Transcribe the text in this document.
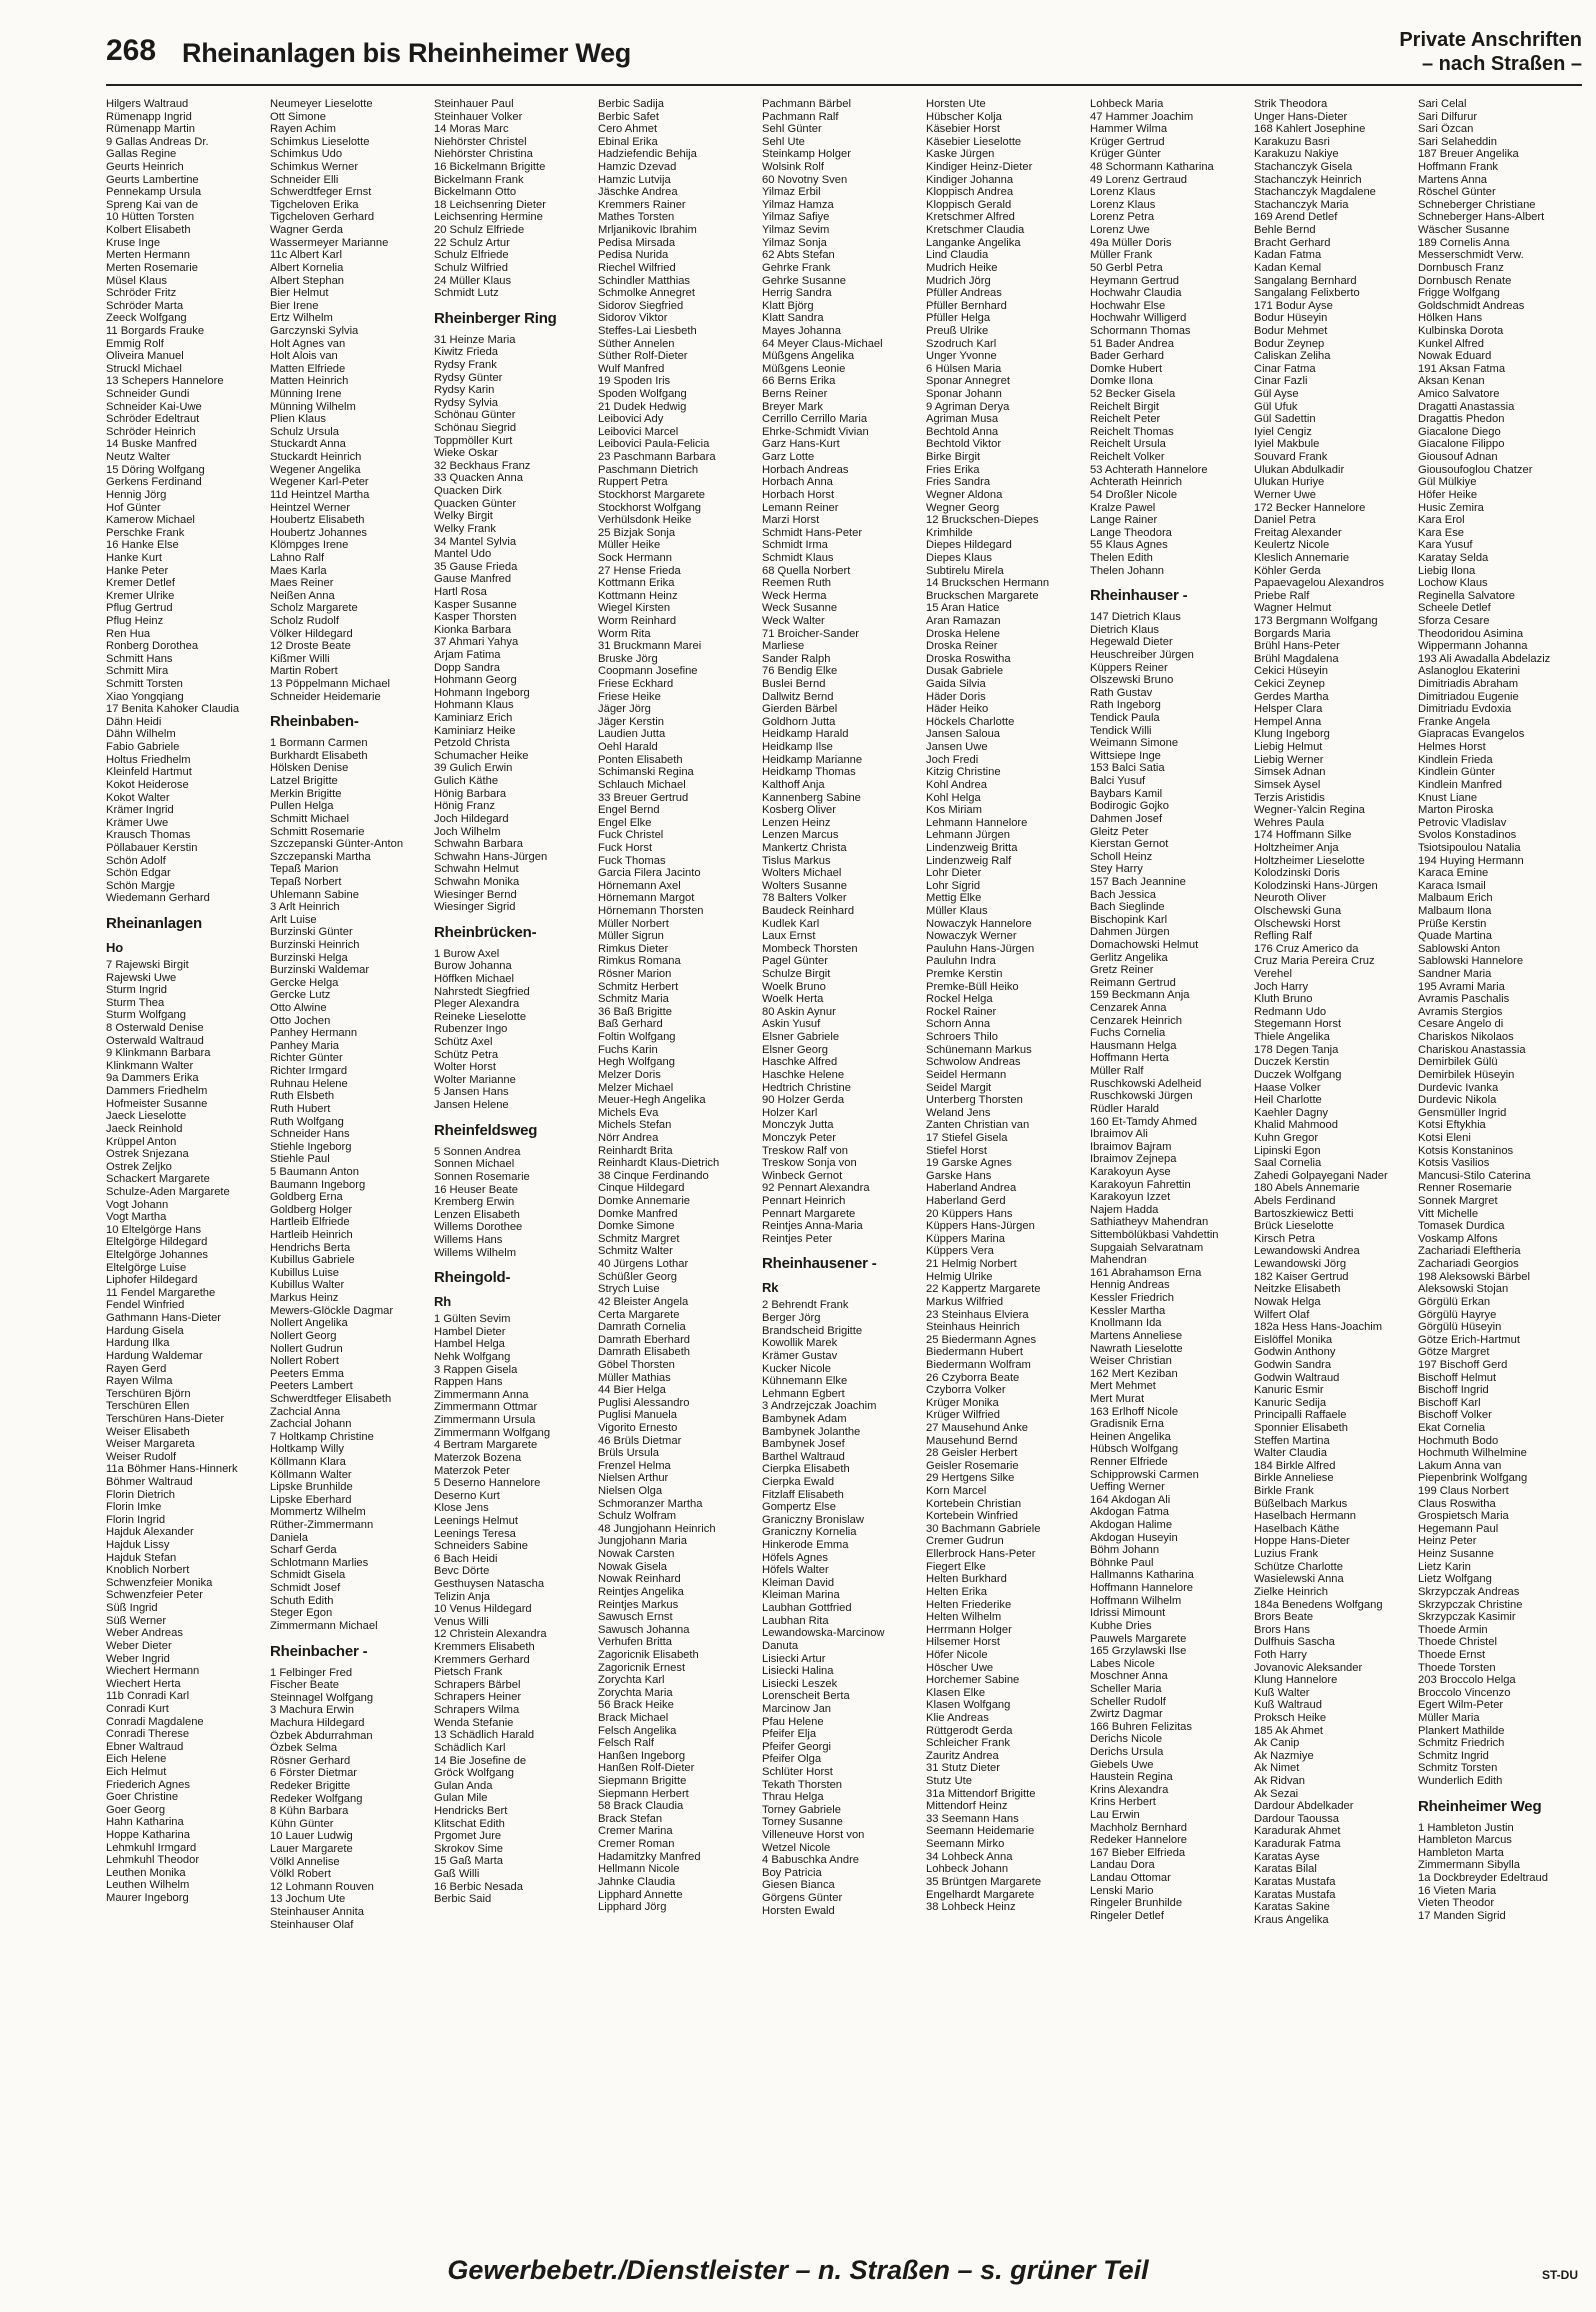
268 Rheinanlagen bis Rheinheimer Weg	Private Anschriften
– nach Straßen –
Hilgers Waltraud
Rümenapp Ingrid
Rümenapp Martin
9 Gallas Andreas Dr.
Gallas Regine
Geurts Heinrich
Geurts Lambertine
Pennekamp Ursula
Spreng Kai van de
10 Hütten Torsten
Kolbert Elisabeth
Kruse Inge
Merten Hermann
Merten Rosemarie
Müsel Klaus
Schröder Fritz
Schröder Marta
Zeeck Wolfgang
11 Borgards Frauke
Emmig Rolf
Oliveira Manuel
Struckl Michael
13 Schepers Hannelore
Schneider Gundi
Schneider Kai-Uwe
Schröder Edeltraut
Schröder Heinrich
14 Buske Manfred
Neutz Walter
15 Döring Wolfgang
Gerkens Ferdinand
Hennig Jörg
Hof Günter
Kamerow Michael
Perschke Frank
16 Hanke Else
Hanke Kurt
Hanke Peter
Kremer Detlef
Kremer Ulrike
Pflug Gertrud
Pflug Heinz
Ren Hua
Ronberg Dorothea
Schmitt Hans
Schmitt Mira
Schmitt Torsten
Xiao Yongqiang
17 Benita Kahoker Claudia
Dähn Heidi
Dähn Wilhelm
Fabio Gabriele
Holtus Friedhelm
Kleinfeld Hartmut
Kokot Heiderose
Kokot Walter
Krämer Ingrid
Krämer Uwe
Krausch Thomas
Pöllabauer Kerstin
Schön Adolf
Schön Edgar
Schön Margje
Wiedemann Gerhard
Rheinanlagen
Ho
7 Rajewski Birgit
Rajewski Uwe
Sturm Ingrid
Sturm Thea
Sturm Wolfgang
8 Osterwald Denise
Osterwald Waltraud
9 Klinkmann Barbara
Klinkmann Walter
9a Dammers Erika
Dammers Friedhelm
Hofmeister Susanne
Jaeck Lieselotte
Jaeck Reinhold
Krüppel Anton
Ostrek Snjezana
Ostrek Zeljko
Schackert Margarete
Schulze-Aden Margarete
Vogt Johann
Vogt Martha
10 Eltelgörge Hans
Eltelgörge Hildegard
Eltelgörge Johannes
Eltelgörge Luise
Liphofer Hildegard
11 Fendel Margarethe
Fendel Winfried
Gathmann Hans-Dieter
Hardung Gisela
Hardung Ilka
Hardung Waldemar
Rayen Gerd
Rayen Wilma
Terschüren Björn
Terschüren Ellen
Terschüren Hans-Dieter
Weiser Elisabeth
Weiser Margareta
Weiser Rudolf
11a Böhmer Hans-Hinnerk
Böhmer Waltraud
Florin Dietrich
Florin Imke
Florin Ingrid
Hajduk Alexander
Hajduk Lissy
Hajduk Stefan
Knoblich Norbert
Schwenzfeier Monika
Schwenzfeier Peter
Süß Ingrid
Süß Werner
Weber Andreas
Weber Dieter
Weber Ingrid
Wiechert Hermann
Wiechert Herta
11b Conradi Karl
Conradi Kurt
Conradi Magdalene
Conradi Therese
Ebner Waltraud
Eich Helene
Eich Helmut
Friederich Agnes
Goer Christine
Goer Georg
Hahn Katharina
Hoppe Katharina
Lehmkuhl Irmgard
Lehmkuhl Theodor
Leuthen Monika
Leuthen Wilhelm
Maurer Ingeborg
Neumeyer Lieselotte
Ott Simone
Rayen Achim
Schimkus Lieselotte
Schimkus Udo
Schimkus Werner
Schneider Elli
Schwerdtfeger Ernst
Tigcheloven Erika
Tigcheloven Gerhard
Wagner Gerda
Wassermeyer Marianne
11c Albert Karl
Albert Kornelia
Albert Stephan
Bier Helmut
Bier Irene
Ertz Wilhelm
Garczynski Sylvia
Holt Agnes van
Holt Alois van
Matten Elfriede
Matten Heinrich
Münning Irene
Münning Wilhelm
Plien Klaus
Schulz Ursula
Stuckardt Anna
Stuckardt Heinrich
Wegener Angelika
Wegener Karl-Peter
11d Heintzel Martha
Heintzel Werner
Houbertz Elisabeth
Houbertz Johannes
Klömpges Irene
Lahno Ralf
Maes Karla
Maes Reiner
Neißen Anna
Scholz Margarete
Scholz Rudolf
Völker Hildegard
12 Droste Beate
Kißmer Willi
Martin Robert
13 Pöppelmann Michael
Schneider Heidemarie
Rheinbaben-
1 Bormann Carmen
Burkhardt Elisabeth
Hölsken Denise
Latzel Brigitte
Merkin Brigitte
Pullen Helga
Schmitt Michael
Schmitt Rosemarie
Szczepanski Günter-Anton
Szczepanski Martha
Tepaß Marion
Tepaß Norbert
Uhlemann Sabine
3 Arlt Heinrich
Arlt Luise
Burzinski Günter
Burzinski Heinrich
Burzinski Helga
Burzinski Waldemar
Gercke Helga
Gercke Lutz
Otto Alwine
Otto Jochen
Panhey Hermann
Panhey Maria
Richter Günter
Richter Irmgard
Ruhnau Helene
Ruth Elsbeth
Ruth Hubert
Ruth Wolfgang
Schneider Hans
Stiehle Ingeborg
Stiehle Paul
5 Baumann Anton
Baumann Ingeborg
Goldberg Erna
Goldberg Holger
Hartleib Elfriede
Hartleib Heinrich
Hendrichs Berta
Kubillus Gabriele
Kubillus Luise
Kubillus Walter
Markus Heinz
Mewers-Glöckle Dagmar
Nollert Angelika
Nollert Georg
Nollert Gudrun
Nollert Robert
Peeters Emma
Peeters Lambert
Schwerdtfeger Elisabeth
Zachcial Anna
Zachcial Johann
7 Holtkamp Christine
Holtkamp Willy
Köllmann Klara
Köllmann Walter
Lipske Brunhilde
Lipske Eberhard
Mommertz Wilhelm
Rüther-Zimmermann
Daniela
Scharf Gerda
Schlotmann Marlies
Schmidt Gisela
Schmidt Josef
Schuth Edith
Steger Egon
Zimmermann Michael
Rheinbacher -
1 Felbinger Fred
Fischer Beate
Steinnagel Wolfgang
3 Machura Erwin
Machura Hildegard
Özbek Abdurrahman
Özbek Selma
Rösner Gerhard
6 Förster Dietmar
Redeker Brigitte
Redeker Wolfgang
8 Kühn Barbara
Kühn Günter
10 Lauer Ludwig
Lauer Margarete
Völkl Annelise
Völkl Robert
12 Lohmann Rouven
13 Jochum Ute
Steinhauser Annita
Steinhauser Olaf
Steinhauer Paul
Steinhauer Volker
14 Moras Marc
Niehörster Christel
Niehörster Christina
16 Bickelmann Brigitte
Bickelmann Frank
Bickelmann Otto
18 Leichsenring Dieter
Leichsenring Hermine
20 Schulz Elfriede
22 Schulz Artur
Schulz Elfriede
Schulz Wilfried
24 Müller Klaus
Schmidt Lutz
Rheinberger Ring
31 Heinze Maria
Kiwitz Frieda
Rydsy Frank
Rydsy Günter
Rydsy Karin
Rydsy Sylvia
Schönau Günter
Schönau Siegrid
Toppmöller Kurt
Wieke Oskar
32 Beckhaus Franz
33 Quacken Anna
Quacken Dirk
Quacken Günter
Welky Birgit
Welky Frank
34 Mantel Sylvia
Mantel Udo
35 Gause Frieda
Gause Manfred
Hartl Rosa
Kasper Susanne
Kasper Thorsten
Kionka Barbara
37 Ahmari Yahya
Arjam Fatima
Dopp Sandra
Hohmann Georg
Hohmann Ingeborg
Hohmann Klaus
Kaminiarz Erich
Kaminiarz Heike
Petzold Christa
Schumacher Heike
39 Gulich Erwin
Gulich Käthe
Hönig Barbara
Hönig Franz
Joch Hildegard
Joch Wilhelm
Schwahn Barbara
Schwahn Hans-Jürgen
Schwahn Helmut
Schwahn Monika
Wiesinger Bernd
Wiesinger Sigrid
Rheinbrücken-
1 Burow Axel
Burow Johanna
Höffken Michael
Nahrstedt Siegfried
Pleger Alexandra
Reineke Lieselotte
Rubenzer Ingo
Schütz Axel
Schütz Petra
Wolter Horst
Wolter Marianne
5 Jansen Hans
Jansen Helene
Rheinfeldsweg
5 Sonnen Andrea
Sonnen Michael
Sonnen Rosemarie
16 Heuser Beate
Kremberg Erwin
Lenzen Elisabeth
Willems Dorothee
Willems Hans
Willems Wilhelm
Rheingold-
Rh
1 Gülten Sevim
Hambel Dieter
Hambel Helga
Nehk Wolfgang
3 Rappen Gisela
Rappen Hans
Zimmermann Anna
Zimmermann Ottmar
Zimmermann Ursula
Zimmermann Wolfgang
4 Bertram Margarete
Materzok Bozena
Materzok Peter
5 Deserno Hannelore
Deserno Kurt
Klose Jens
Leenings Helmut
Leenings Teresa
Schneiders Sabine
6 Bach Heidi
Bevc Dörte
Gesthuysen Natascha
Telizin Anja
10 Venus Hildegard
Venus Willi
12 Christein Alexandra
Kremmers Elisabeth
Kremmers Gerhard
Pietsch Frank
Schrapers Bärbel
Schrapers Heiner
Schrapers Wilma
Wenda Stefanie
13 Schädlich Harald
Schädlich Karl
14 Bie Josefine de
Gröck Wolfgang
Gulan Anda
Gulan Mile
Hendricks Bert
Klitschat Edith
Prgomet Jure
Skrokov Sime
15 Gaß Marta
Gaß Willi
16 Berbic Nesada
Berbic Said
Berbic Sadija
Berbic Safet
Cero Ahmet
Ebinal Erika
Hadziefendic Behija
Hamzic Dzevad
Hamzic Lutvija
Jäschke Andrea
Kremmers Rainer
Mathes Torsten
Mrljanikovic Ibrahim
Pedisa Mirsada
Pedisa Nurida
Riechel Wilfried
Schindler Matthias
Schmolke Annegret
Sidorov Siegfried
Sidorov Viktor
Steffes-Lai Liesbeth
Süther Annelen
Süther Rolf-Dieter
Wulf Manfred
19 Spoden Iris
Spoden Wolfgang
21 Dudek Hedwig
Leibovici Ady
Leibovici Marcel
Leibovici Paula-Felicia
23 Paschmann Barbara
Paschmann Dietrich
Ruppert Petra
Stockhorst Margarete
Stockhorst Wolfgang
Verhülsdonk Heike
25 Bizjak Sonja
Müller Heike
Sock Hermann
27 Hense Frieda
Kottmann Erika
Kottmann Heinz
Wiegel Kirsten
Worm Reinhard
Worm Rita
31 Bruckmann Marei
Bruske Jörg
Coopmann Josefine
Friese Eckhard
Friese Heike
Jäger Jörg
Jäger Kerstin
Laudien Jutta
Oehl Harald
Ponten Elisabeth
Schimanski Regina
Schlauch Michael
33 Breuer Gertrud
Engel Bernd
Engel Elke
Fuck Christel
Fuck Horst
Fuck Thomas
Garcia Filera Jacinto
Hörnemann Axel
Hörnemann Margot
Hörnemann Thorsten
Müller Norbert
Müller Sigrun
Rimkus Dieter
Rimkus Romana
Rösner Marion
Schmitz Herbert
Schmitz Maria
36 Baß Brigitte
Baß Gerhard
Foltin Wolfgang
Fuchs Karin
Hegh Wolfgang
Melzer Doris
Melzer Michael
Meuer-Hegh Angelika
Michels Eva
Michels Stefan
Nörr Andrea
Reinhardt Brita
Reinhardt Klaus-Dietrich
38 Cinque Ferdinando
Cinque Hildegard
Domke Annemarie
Domke Manfred
Domke Simone
Schmitz Margret
Schmitz Walter
40 Jürgens Lothar
Schüßler Georg
Strych Luise
42 Bleister Angela
Certa Margarete
Damrath Cornelia
Damrath Eberhard
Damrath Elisabeth
Göbel Thorsten
Müller Mathias
44 Bier Helga
Puglisi Alessandro
Puglisi Manuela
Vigorito Ernesto
46 Brüls Dietmar
Brüls Ursula
Frenzel Helma
Nielsen Arthur
Nielsen Olga
Schmoranzer Martha
Schulz Wolfram
48 Jungjohann Heinrich
Jungjohann Maria
Nowak Carsten
Nowak Gisela
Nowak Reinhard
Reintjes Angelika
Reintjes Markus
Sawusch Ernst
Sawusch Johanna
Verhufen Britta
Zagoricnik Elisabeth
Zagoricnik Ernest
Zorychta Karl
Zorychta Maria
56 Brack Heike
Brack Michael
Felsch Angelika
Felsch Ralf
Hanßen Ingeborg
Hanßen Rolf-Dieter
Siepmann Brigitte
Siepmann Herbert
58 Brack Claudia
Brack Stefan
Cremer Marina
Cremer Roman
Hadamitzky Manfred
Hellmann Nicole
Jahnke Claudia
Lipphard Annette
Lipphard Jörg
Pachmann Bärbel
Pachmann Ralf
Sehl Günter
Sehl Ute
Steinkamp Holger
Wolsink Rolf
60 Novotny Sven
Yilmaz Erbil
Yilmaz Hamza
Yilmaz Safiye
Yilmaz Sevim
Yilmaz Sonja
62 Abts Stefan
Gehrke Frank
Gehrke Susanne
Herrig Sandra
Klatt Björg
Klatt Sandra
Mayes Johanna
64 Meyer Claus-Michael
Müßgens Angelika
Müßgens Leonie
66 Berns Erika
Berns Reiner
Breyer Mark
Cerrillo Cerrillo Maria
Ehrke-Schmidt Vivian
Garz Hans-Kurt
Garz Lotte
Horbach Andreas
Horbach Anna
Horbach Horst
Lemann Reiner
Marzi Horst
Schmidt Hans-Peter
Schmidt Irma
Schmidt Klaus
68 Quella Norbert
Reemen Ruth
Weck Herma
Weck Susanne
Weck Walter
71 Broicher-Sander
Marliese
Sander Ralph
76 Bendig Elke
Buslei Bernd
Dallwitz Bernd
Gierden Bärbel
Goldhorn Jutta
Heidkamp Harald
Heidkamp Ilse
Heidkamp Marianne
Heidkamp Thomas
Kalthoff Anja
Kannenberg Sabine
Kosberg Oliver
Lenzen Heinz
Lenzen Marcus
Mankertz Christa
Tislus Markus
Wolters Michael
Wolters Susanne
78 Balters Volker
Baudeck Reinhard
Kudlek Karl
Laux Ernst
Mombeck Thorsten
Pagel Günter
Schulze Birgit
Woelk Bruno
Woelk Herta
80 Askin Aynur
Askin Yusuf
Elsner Gabriele
Elsner Georg
Haschke Alfred
Haschke Helene
Hedtrich Christine
90 Holzer Gerda
Holzer Karl
Monczyk Jutta
Monczyk Peter
Treskow Ralf von
Treskow Sonja von
Winbeck Gernot
92 Pennart Alexandra
Pennart Heinrich
Pennart Margarete
Reintjes Anna-Maria
Reintjes Peter
Rheinhausener -
Rk
2 Behrendt Frank
Berger Jörg
Brandscheid Brigitte
Kowollik Marek
Krämer Gustav
Kucker Nicole
Kühnemann Elke
Lehmann Egbert
3 Andrzejczak Joachim
Bambynek Adam
Bambynek Jolanthe
Bambynek Josef
Barthel Waltraud
Cierpka Elisabeth
Cierpka Ewald
Fitzlaff Elisabeth
Gompertz Else
Graniczny Bronislaw
Graniczny Kornelia
Hinkerode Emma
Höfels Agnes
Höfels Walter
Kleiman David
Kleiman Marina
Laubhan Gottfried
Laubhan Rita
Lewandowska-Marcinow
Danuta
Lisiecki Artur
Lisiecki Halina
Lisiecki Leszek
Lorenscheit Berta
Marcinow Jan
Pfau Helene
Pfeifer Elja
Pfeifer Georgi
Pfeifer Olga
Schlüter Horst
Tekath Thorsten
Thrau Helga
Torney Gabriele
Torney Susanne
Villeneuve Horst von
Wetzel Nicole
4 Babuschka Andre
Boy Patricia
Giesen Bianca
Görgens Günter
Horsten Ewald
Horsten Ute
Hübscher Kolja
Käsebier Horst
Käsebier Lieselotte
Kaske Jürgen
Kindiger Heinz-Dieter
Kindiger Johanna
Kloppisch Andrea
Kloppisch Gerald
Kretschmer Alfred
Kretschmer Claudia
Langanke Angelika
Lind Claudia
Mudrich Heike
Mudrich Jörg
Pfüller Andreas
Pfüller Bernhard
Pfüller Helga
Preuß Ulrike
Szodruch Karl
Unger Yvonne
6 Hülsen Maria
Sponar Annegret
Sponar Johann
9 Agriman Derya
Agriman Musa
Bechtold Anna
Bechtold Viktor
Birke Birgit
Fries Erika
Fries Sandra
Wegner Aldona
Wegner Georg
12 Bruckschen-Diepes
Krimhilde
Diepes Hildegard
Diepes Klaus
Subtirelu Mirela
14 Bruckschen Hermann
Bruckschen Margarete
15 Aran Hatice
Aran Ramazan
Droska Helene
Droska Reiner
Droska Roswitha
Dusak Gabriele
Gaida Silvia
Häder Doris
Häder Heiko
Höckels Charlotte
Jansen Saloua
Jansen Uwe
Joch Fredi
Kitzig Christine
Kohl Andrea
Kohl Helga
Kos Miriam
Lehmann Hannelore
Lehmann Jürgen
Lindenzweig Britta
Lindenzweig Ralf
Lohr Dieter
Lohr Sigrid
Mettig Elke
Müller Klaus
Nowaczyk Hannelore
Nowaczyk Werner
Pauluhn Hans-Jürgen
Pauluhn Indra
Premke Kerstin
Premke-Büll Heiko
Rockel Helga
Rockel Rainer
Schorn Anna
Schroers Thilo
Schünemann Markus
Schwolow Andreas
Seidel Hermann
Seidel Margit
Unterberg Thorsten
Weland Jens
Zanten Christian van
17 Stiefel Gisela
Stiefel Horst
19 Garske Agnes
Garske Hans
Haberland Andrea
Haberland Gerd
20 Küppers Hans
Küppers Hans-Jürgen
Küppers Marina
Küppers Vera
21 Helmig Norbert
Helmig Ulrike
22 Kappertz Margarete
Markus Wilfried
23 Steinhaus Elviera
Steinhaus Heinrich
25 Biedermann Agnes
Biedermann Hubert
Biedermann Wolfram
26 Czyborra Beate
Czyborra Volker
Krüger Monika
Krüger Wilfried
27 Mausehund Anke
Mausehund Bernd
28 Geisler Herbert
Geisler Rosemarie
29 Hertgens Silke
Korn Marcel
Kortebein Christian
Kortebein Winfried
30 Bachmann Gabriele
Cremer Gudrun
Ellerbrock Hans-Peter
Fiegert Elke
Helten Burkhard
Helten Erika
Helten Friederike
Helten Wilhelm
Herrmann Holger
Hilsemer Horst
Höfer Nicole
Höscher Uwe
Horchemer Sabine
Klasen Elke
Klasen Wolfgang
Klie Andreas
Rüttgerodt Gerda
Schleicher Frank
Zauritz Andrea
31 Stutz Dieter
Stutz Ute
31a Mittendorf Brigitte
Mittendorf Heinz
33 Seemann Hans
Seemann Heidemarie
Seemann Mirko
34 Lohbeck Anna
Lohbeck Johann
35 Brüntgen Margarete
Engelhardt Margarete
38 Lohbeck Heinz
Lohbeck Maria
47 Hammer Joachim
Hammer Wilma
Krüger Gertrud
Krüger Günter
48 Schormann Katharina
49 Lorenz Gertraud
Lorenz Klaus
Lorenz Klaus
Lorenz Petra
Lorenz Uwe
49a Müller Doris
Müller Frank
50 Gerbl Petra
Heymann Gertrud
Hochwahr Claudia
Hochwahr Else
Hochwahr Willigerd
Schormann Thomas
51 Bader Andrea
Bader Gerhard
Domke Hubert
Domke Ilona
52 Becker Gisela
Reichelt Birgit
Reichelt Peter
Reichelt Thomas
Reichelt Ursula
Reichelt Volker
53 Achterath Hannelore
Achterath Heinrich
54 Droßler Nicole
Kralze Pawel
Lange Rainer
Lange Theodora
55 Klaus Agnes
Thelen Edith
Thelen Johann
Rheinhauser -
147 Dietrich Klaus
Dietrich Klaus
Hegewald Dieter
Heuschreiber Jürgen
Küppers Reiner
Olszewski Bruno
Rath Gustav
Rath Ingeborg
Tendick Paula
Tendick Willi
Weimann Simone
Wittsiepe Inge
153 Balci Satia
Balci Yusuf
Baybars Kamil
Bodirogic Gojko
Dahmen Josef
Gleitz Peter
Kierstan Gernot
Scholl Heinz
Stey Harry
157 Bach Jeannine
Bach Jessica
Bach Sieglinde
Bischopink Karl
Dahmen Jürgen
Domachowski Helmut
Gerlitz Angelika
Gretz Reiner
Reimann Gertrud
159 Beckmann Anja
Cenzarek Anna
Cenzarek Heinrich
Fuchs Cornelia
Hausmann Helga
Hoffmann Herta
Müller Ralf
Ruschkowski Adelheid
Ruschkowski Jürgen
Rüdler Harald
160 Et-Tamdy Ahmed
Ibraimov Ali
Ibraimov Bajram
Ibraimov Zejnepa
Karakoyun Ayse
Karakoyun Fahrettin
Karakoyun Izzet
Najem Hadda
Sathiatheyv Mahendran
Sittembölükbasi Vahdettin
Supgaiah Selvaratnam
Mahendran
161 Abrahamson Erna
Hennig Andreas
Kessler Friedrich
Kessler Martha
Knollmann Ida
Martens Anneliese
Nawrath Lieselotte
Weiser Christian
162 Mert Keziban
Mert Mehmet
Mert Murat
163 Erlhoff Nicole
Gradisnik Erna
Heinen Angelika
Hübsch Wolfgang
Renner Elfriede
Schipprowski Carmen
Ueffing Werner
164 Akdogan Ali
Akdogan Fatma
Akdogan Halime
Akdogan Huseyin
Böhm Johann
Böhnke Paul
Hallmanns Katharina
Hoffmann Hannelore
Hoffmann Wilhelm
Idrissi Mimount
Kubhe Dries
Pauwels Margarete
165 Grzylawski Ilse
Labes Nicole
Moschner Anna
Scheller Maria
Scheller Rudolf
Zwirtz Dagmar
166 Buhren Felizitas
Derichs Nicole
Derichs Ursula
Giebels Uwe
Haustein Regina
Krins Alexandra
Krins Herbert
Lau Erwin
Machholz Bernhard
Redeker Hannelore
167 Bieber Elfrieda
Landau Dora
Landau Ottomar
Lenski Mario
Ringeler Brunhilde
Ringeler Detlef
Strik Theodora
Unger Hans-Dieter
168 Kahlert Josephine
Karakuzu Basri
Karakuzu Nakiye
Stachanczyk Gisela
Stachanczyk Heinrich
Stachanczyk Magdalene
Stachanczyk Maria
169 Arend Detlef
Behle Bernd
Bracht Gerhard
Kadan Fatma
Kadan Kemal
Sangalang Bernhard
Sangalang Felixberto
171 Bodur Ayse
Bodur Hüseyin
Bodur Mehmet
Bodur Zeynep
Caliskan Zeliha
Cinar Fatma
Cinar Fazli
Gül Ayse
Gül Ufuk
Gül Sadettin
Iyiel Cengiz
Iyiel Makbule
Souvard Frank
Ulukan Abdulkadir
Ulukan Huriye
Werner Uwe
172 Becker Hannelore
Daniel Petra
Freitag Alexander
Keulertz Nicole
Kleslich Annemarie
Köhler Gerda
Papaevagelou Alexandros
Priebe Ralf
Wagner Helmut
173 Bergmann Wolfgang
Borgards Maria
Brühl Hans-Peter
Brühl Magdalena
Cekici Hüseyin
Cekici Zeynep
Gerdes Martha
Helsper Clara
Hempel Anna
Klung Ingeborg
Liebig Helmut
Liebig Werner
Simsek Adnan
Simsek Aysel
Terzis Aristidis
Wegner-Yalcin Regina
Wehres Paula
174 Hoffmann Silke
Holtzheimer Anja
Holtzheimer Lieselotte
Kolodzinski Doris
Kolodzinski Hans-Jürgen
Neuroth Oliver
Olschewski Guna
Olschewski Horst
Refling Ralf
176 Cruz Americo da
Cruz Maria Pereira Cruz
Verehel
Joch Harry
Kluth Bruno
Redmann Udo
Stegemann Horst
Thiele Angelika
178 Degen Tanja
Duczek Kerstin
Duczek Wolfgang
Haase Volker
Heil Charlotte
Kaehler Dagny
Khalid Mahmood
Kuhn Gregor
Lipinski Egon
Saal Cornelia
Zahedi Golpayegani Nader
180 Abels Annemarie
Abels Ferdinand
Bartoszkiewicz Betti
Brück Lieselotte
Kirsch Petra
Lewandowski Andrea
Lewandowski Jörg
182 Kaiser Gertrud
Neitzke Elisabeth
Nowak Helga
Wilfert Olaf
182a Hess Hans-Joachim
Eislöffel Monika
Godwin Anthony
Godwin Sandra
Godwin Waltraud
Kanuric Esmir
Kanuric Sedija
Principalli Raffaele
Sponnier Elisabeth
Steffen Martina
Walter Claudia
184 Birkle Alfred
Birkle Anneliese
Birkle Frank
Büßelbach Markus
Haselbach Hermann
Haselbach Käthe
Hoppe Hans-Dieter
Luzius Frank
Schütze Charlotte
Wasielewski Anna
Zielke Heinrich
184a Benedens Wolfgang
Brors Beate
Brors Hans
Dulfhuis Sascha
Foth Harry
Jovanovic Aleksander
Klung Hannelore
Kuß Walter
Kuß Waltraud
Proksch Heike
185 Ak Ahmet
Ak Canip
Ak Nazmiye
Ak Nimet
Ak Ridvan
Ak Sezai
Dardour Abdelkader
Dardour Taoussa
Karadurak Ahmet
Karadurak Fatma
Karatas Ayse
Karatas Bilal
Karatas Mustafa
Karatas Mustafa
Karatas Sakine
Kraus Angelika
Sari Celal
Sari Dilfurur
Sari Özcan
Sari Selaheddin
187 Breuer Angelika
Hoffmann Frank
Martens Anna
Röschel Günter
Schneberger Christiane
Schneberger Hans-Albert
Wäscher Susanne
189 Cornelis Anna
Messerschmidt Verw.
Dornbusch Franz
Dornbusch Renate
Frigge Wolfgang
Goldschmidt Andreas
Hölken Hans
Kulbinska Dorota
Kunkel Alfred
Nowak Eduard
191 Aksan Fatma
Aksan Kenan
Amico Salvatore
Dragatti Anastassia
Dragattis Phedon
Giacalone Diego
Giacalone Filippo
Giousouf Adnan
Giousoufoglou Chatzer
Gül Mülkiye
Höfer Heike
Husic Zemira
Kara Erol
Kara Ese
Kara Yusuf
Karatay Selda
Liebig Ilona
Lochow Klaus
Reginella Salvatore
Scheele Detlef
Sforza Cesare
Theodoridou Asimina
Wippermann Johanna
193 Ali Awadalla Abdelaziz
Aslanoglou Ekaterini
Dimitriadis Abraham
Dimitriadou Eugenie
Dimitriadu Evdoxia
Franke Angela
Giapracas Evangelos
Helmes Horst
Kindlein Frieda
Kindlein Günter
Kindlein Manfred
Knust Liane
Marton Piroska
Petrovic Vladislav
Svolos Konstadinos
Tsiotsipoulou Natalia
194 Huying Hermann
Karaca Emine
Karaca Ismail
Malbaum Erich
Malbaum Ilona
Prüße Kerstin
Quade Martina
Sablowski Anton
Sablowski Hannelore
Sandner Maria
195 Avrami Maria
Avramis Paschalis
Avramis Stergios
Cesare Angelo di
Chariskos Nikolaos
Chariskou Anastassia
Demirbilek Gülü
Demirbilek Hüseyin
Durdevic Ivanka
Durdevic Nikola
Gensmüller Ingrid
Kotsi Eftykhia
Kotsi Eleni
Kotsis Konstaninos
Kotsis Vasilios
Mancusi-Stilo Caterina
Renner Rosemarie
Sonnek Margret
Vitt Michelle
Tomasek Durdica
Voskamp Alfons
Zachariadi Eleftheria
Zachariadi Georgios
198 Aleksowski Bärbel
Aleksowski Stojan
Görgülü Erkan
Görgülü Hayrye
Görgülü Hüseyin
Götze Erich-Hartmut
Götze Margret
197 Bischoff Gerd
Bischoff Helmut
Bischoff Ingrid
Bischoff Karl
Bischoff Volker
Ekat Cornelia
Hochmuth Bodo
Hochmuth Wilhelmine
Lakum Anna van
Piepenbrink Wolfgang
199 Claus Norbert
Claus Roswitha
Grospietsch Maria
Hegemann Paul
Heinz Peter
Heinz Susanne
Lietz Karin
Lietz Wolfgang
Skrzypczak Andreas
Skrzypczak Christine
Skrzypczak Kasimir
Thoede Armin
Thoede Christel
Thoede Ernst
Thoede Torsten
203 Broccolo Helga
Broccolo Vincenzo
Egert Wilm-Peter
Müller Maria
Plankert Mathilde
Schmitz Friedrich
Schmitz Ingrid
Schmitz Torsten
Wunderlich Edith
Rheinheimer Weg
1 Hambleton Justin
Hambleton Marcus
Hambleton Marta
Zimmermann Sibylla
1a Dockbreyder Edeltraud
16 Vieten Maria
Vieten Theodor
17 Manden Sigrid
Gewerbebetr./Dienstleister – n. Straßen – s. grüner Teil	ST-DU
